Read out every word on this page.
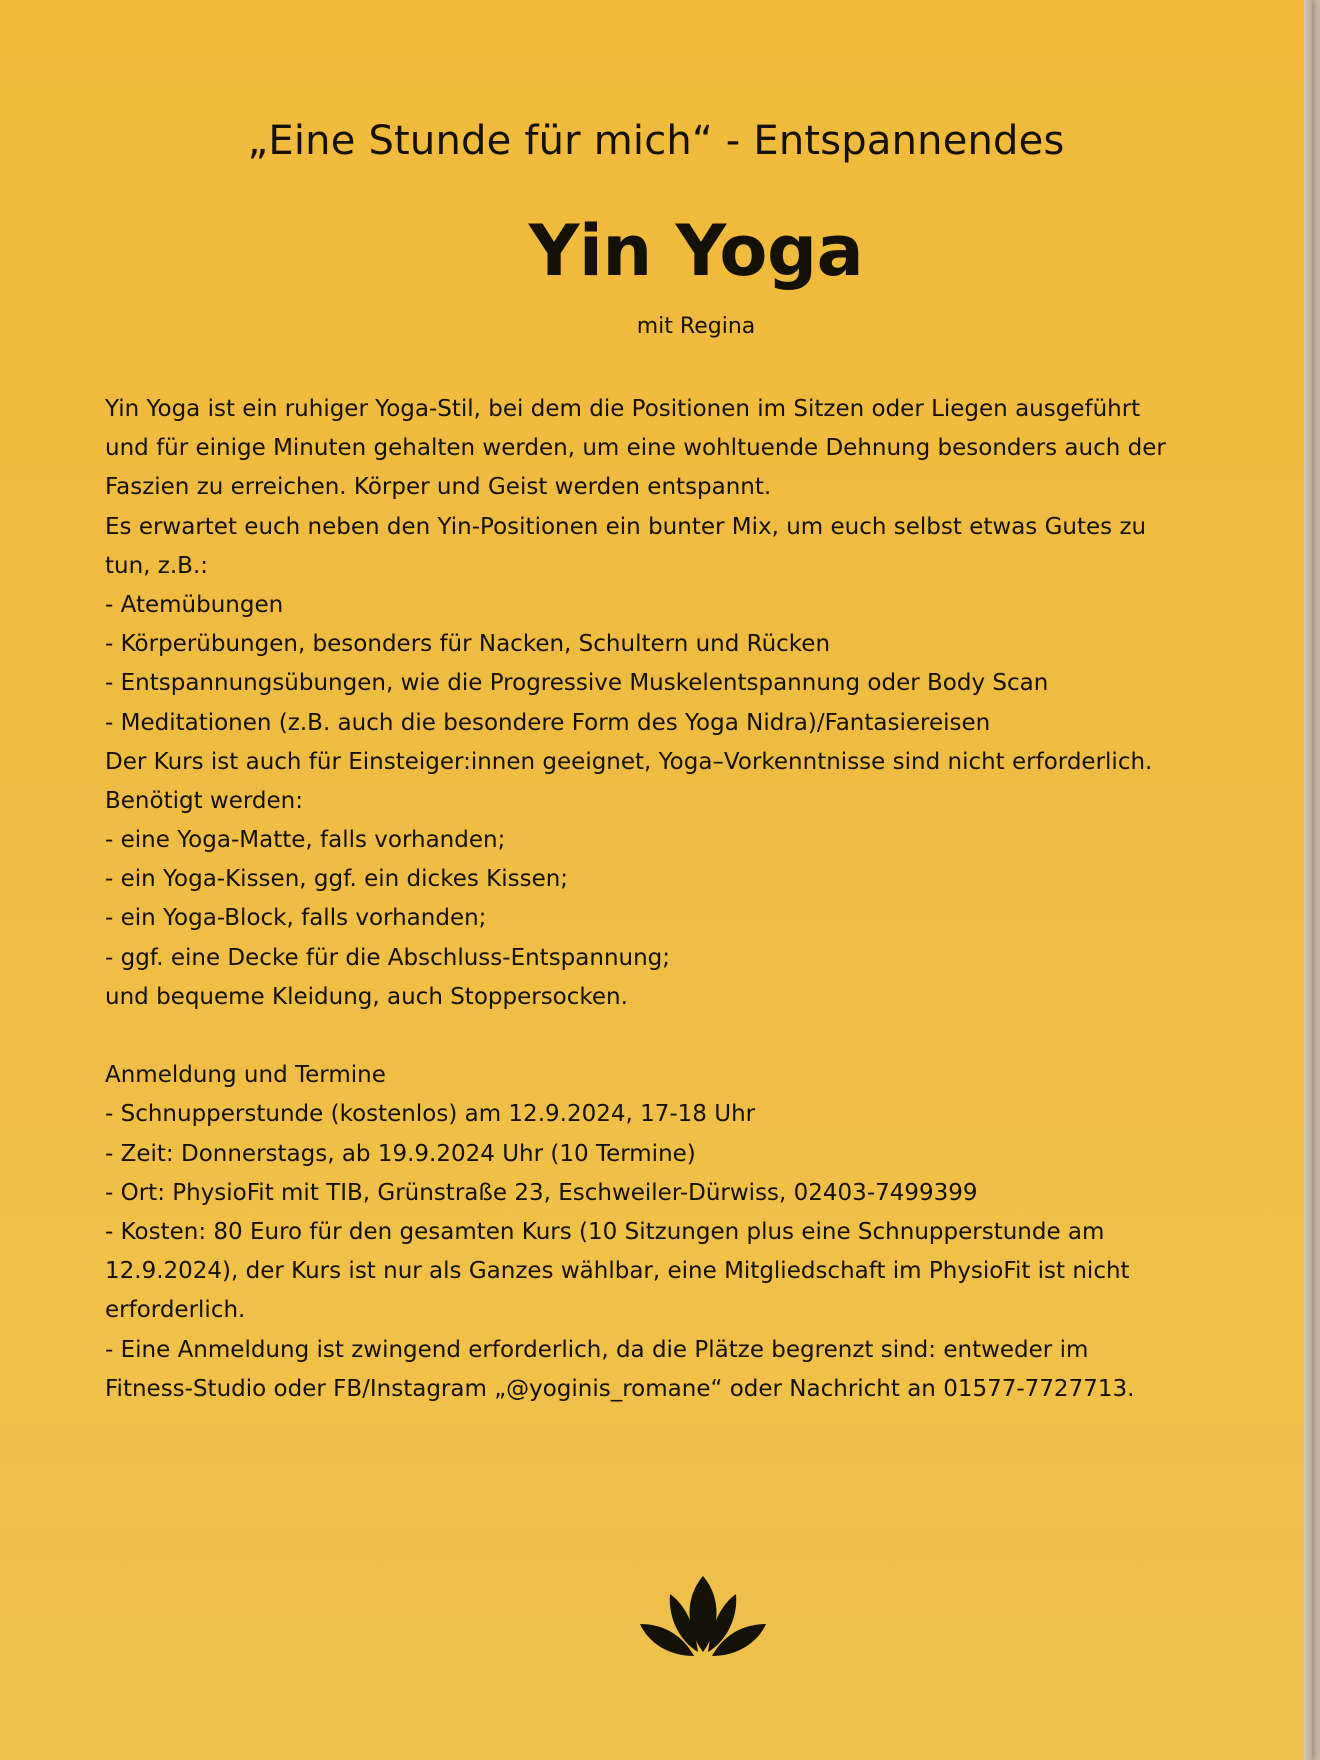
„Eine Stunde für mich“ - Entspannendes
Yin Yoga
mit Regina
Yin Yoga ist ein ruhiger Yoga-Stil, bei dem die Positionen im Sitzen oder Liegen ausgeführt
und für einige Minuten gehalten werden, um eine wohltuende Dehnung besonders auch der
Faszien zu erreichen. Körper und Geist werden entspannt.
Es erwartet euch neben den Yin-Positionen ein bunter Mix, um euch selbst etwas Gutes zu
tun, z.B.:
- Atemübungen
- Körperübungen, besonders für Nacken, Schultern und Rücken
- Entspannungsübungen, wie die Progressive Muskelentspannung oder Body Scan
- Meditationen (z.B. auch die besondere Form des Yoga Nidra)/Fantasiereisen
Der Kurs ist auch für Einsteiger:innen geeignet, Yoga–Vorkenntnisse sind nicht erforderlich.
Benötigt werden:
- eine Yoga-Matte, falls vorhanden;
- ein Yoga-Kissen, ggf. ein dickes Kissen;
- ein Yoga-Block, falls vorhanden;
- ggf. eine Decke für die Abschluss-Entspannung;
und bequeme Kleidung, auch Stoppersocken.
Anmeldung und Termine
- Schnupperstunde (kostenlos) am 12.9.2024, 17-18 Uhr
- Zeit: Donnerstags, ab 19.9.2024 Uhr (10 Termine)
- Ort: PhysioFit mit TIB, Grünstraße 23, Eschweiler-Dürwiss, 02403-7499399
- Kosten: 80 Euro für den gesamten Kurs (10 Sitzungen plus eine Schnupperstunde am
12.9.2024), der Kurs ist nur als Ganzes wählbar, eine Mitgliedschaft im PhysioFit ist nicht
erforderlich.
- Eine Anmeldung ist zwingend erforderlich, da die Plätze begrenzt sind: entweder im
Fitness-Studio oder FB/Instagram „@yoginis_romane“ oder Nachricht an 01577-7727713.
